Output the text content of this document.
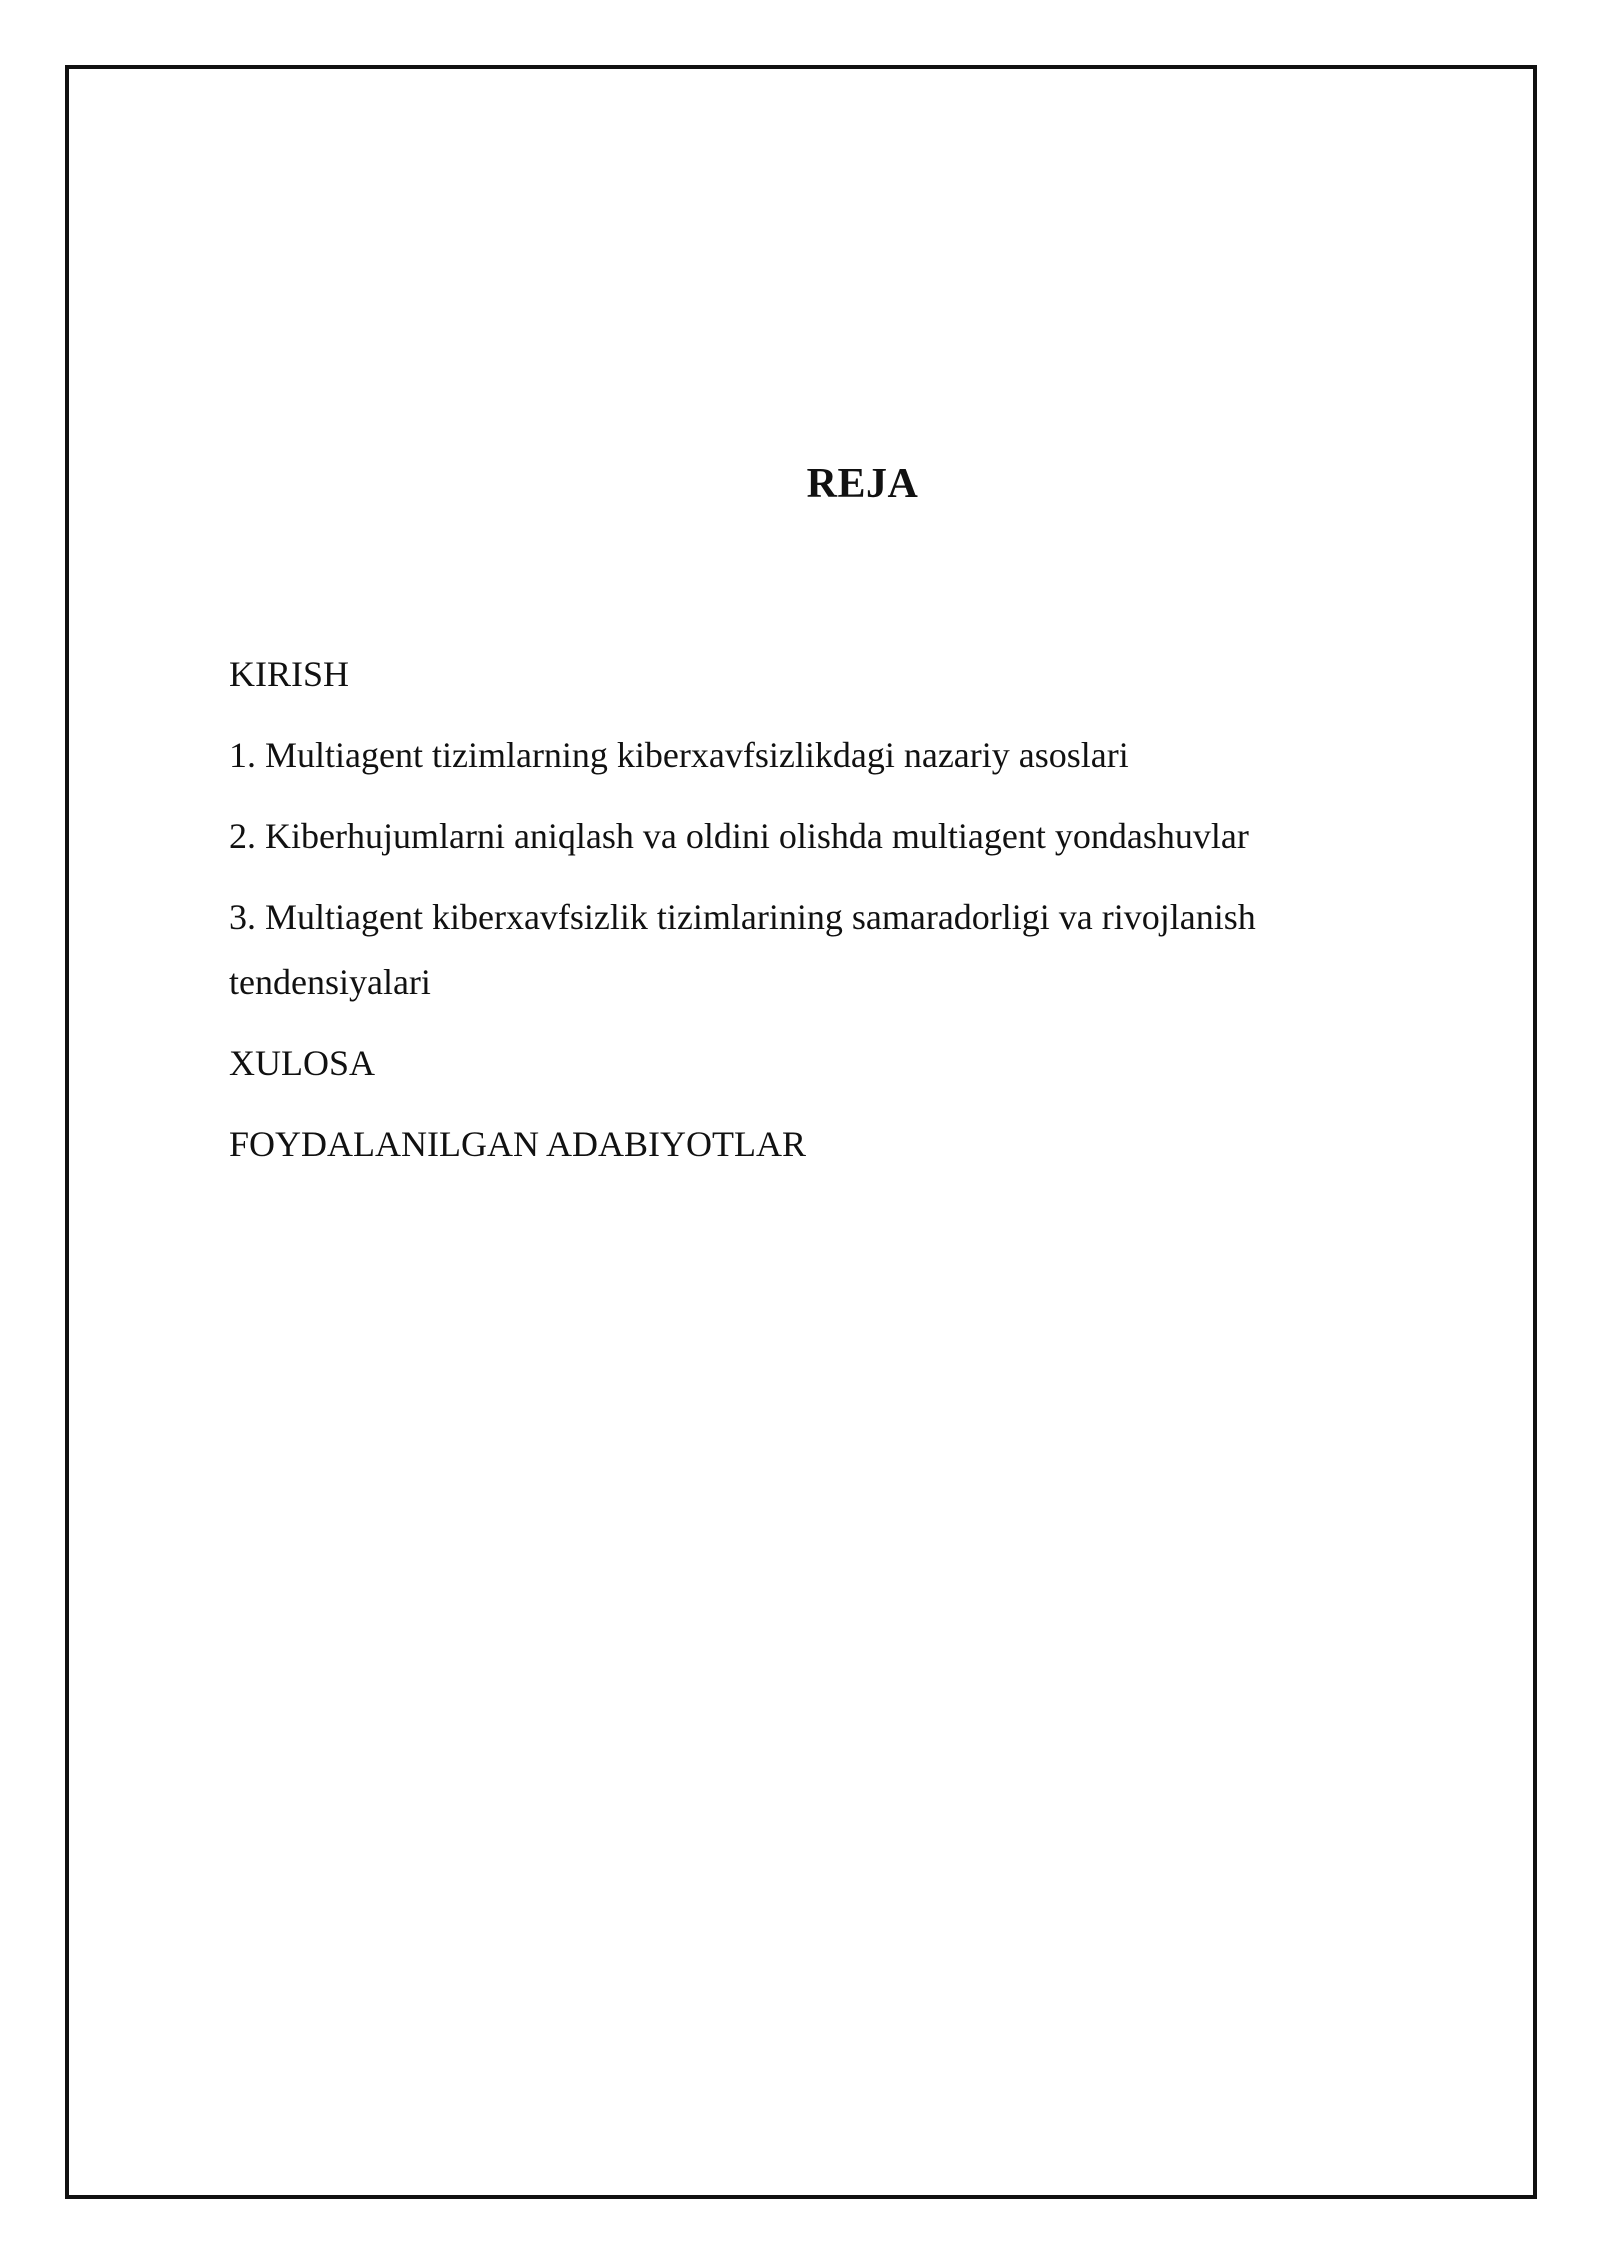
REJA
KIRISH
1. Multiagent tizimlarning kiberxavfsizlikdagi nazariy asoslari
2. Kiberhujumlarni aniqlash va oldini olishda multiagent yondashuvlar
3. Multiagent kiberxavfsizlik tizimlarining samaradorligi va rivojlanish tendensiyalari
XULOSA
FOYDALANILGAN ADABIYOTLAR
